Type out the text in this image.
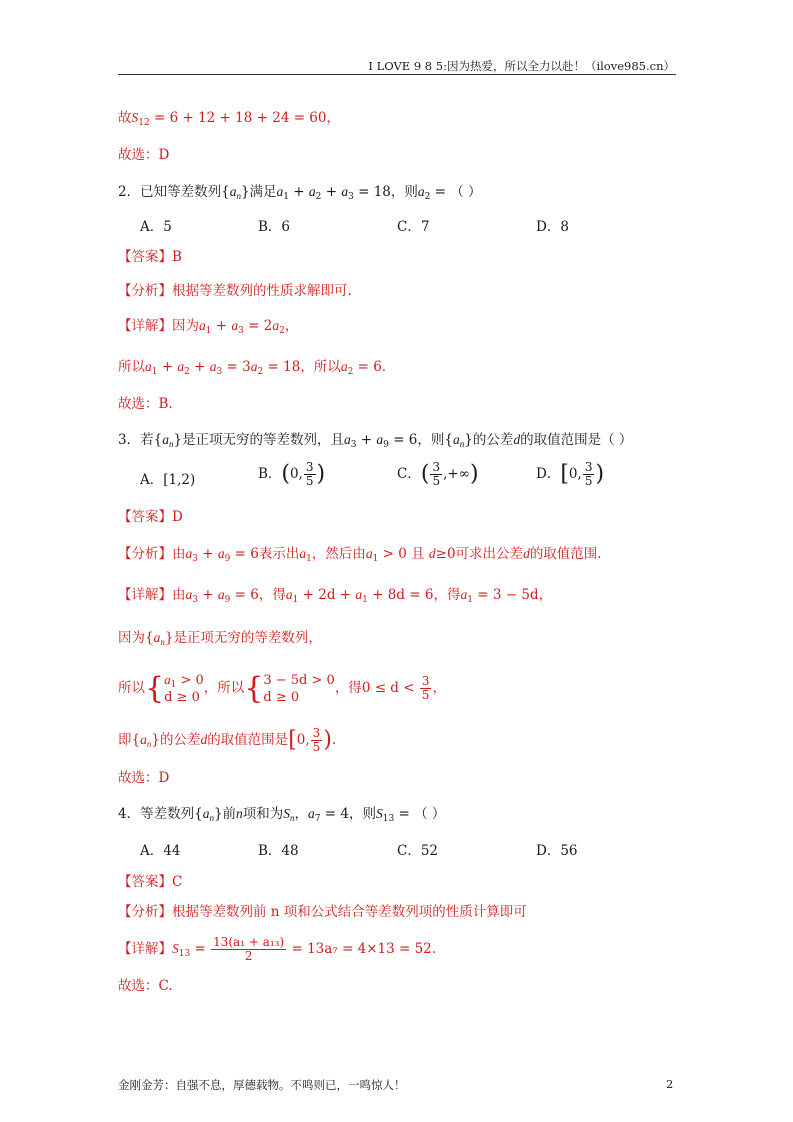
I LOVE 9 8 5:因为热爱，所以全力以赴！（ilove985.cn）
故$S_{12} = 6 + 12 + 18 + 24 = 60$，
故选：D
2．已知等差数列$\{a_n\}$满足$a_1 + a_2 + a_3 = 18$，则$a_2$ = （ ）
A．5	B．6	C．7	D．8
【答案】B
【分析】根据等差数列的性质求解即可.
【详解】因为$a_1 + a_3 = 2a_2$，
所以$a_1 + a_2 + a_3 = 3a_2 = 18$，所以$a_2 = 6$.
故选：B.
3．若$\{a_n\}$是正项无穷的等差数列，且$a_3 + a_9 = 6$，则$\{a_n\}$的公差d的取值范围是（ ）
A．[1,2)	B．(0, $\frac{3}{5}$ )	C．( $\frac{3}{5}$ ,+∞)	D．[0, $\frac{3}{5}$ )
【答案】D
【分析】由$a_3 + a_9 = 6$表示出$a_1$，然后由$a_1 > 0$ 且 d≥0可求出公差d的取值范围.
【详解】由$a_3 + a_9 = 6$，得$a_1 + 2d + a_1 + 8d = 6$，得$a_1 = 3 - 5d$，
因为$\{a_n\}$是正项无穷的等差数列，
所以{ $a_1 > 0$
d ≥ 0
，所以{ 3 − 5d > 0
d ≥ 0
，得$0 \le d < \frac{3}{5}$ ，
即$\{a_n\}$的公差d的取值范围是[0, $\frac{3}{5}$ ).
故选：D
4．等差数列$\{a_n\}$前n项和为$S_n$，$a_7 = 4$，则$S_{13}$ = （ ）
A．44	B．48	C．52	D．56
【答案】C
【分析】根据等差数列前 n 项和公式结合等差数列项的性质计算即可
【详解】$S_{13} = \frac{\text{13(a₁ + a₁₃)}}{2} = 13a_7 = 4\times 13 = 52$.
故选：C.
金刚金芳：自强不息，厚德载物。不鸣则已，一鸣惊人！	2
